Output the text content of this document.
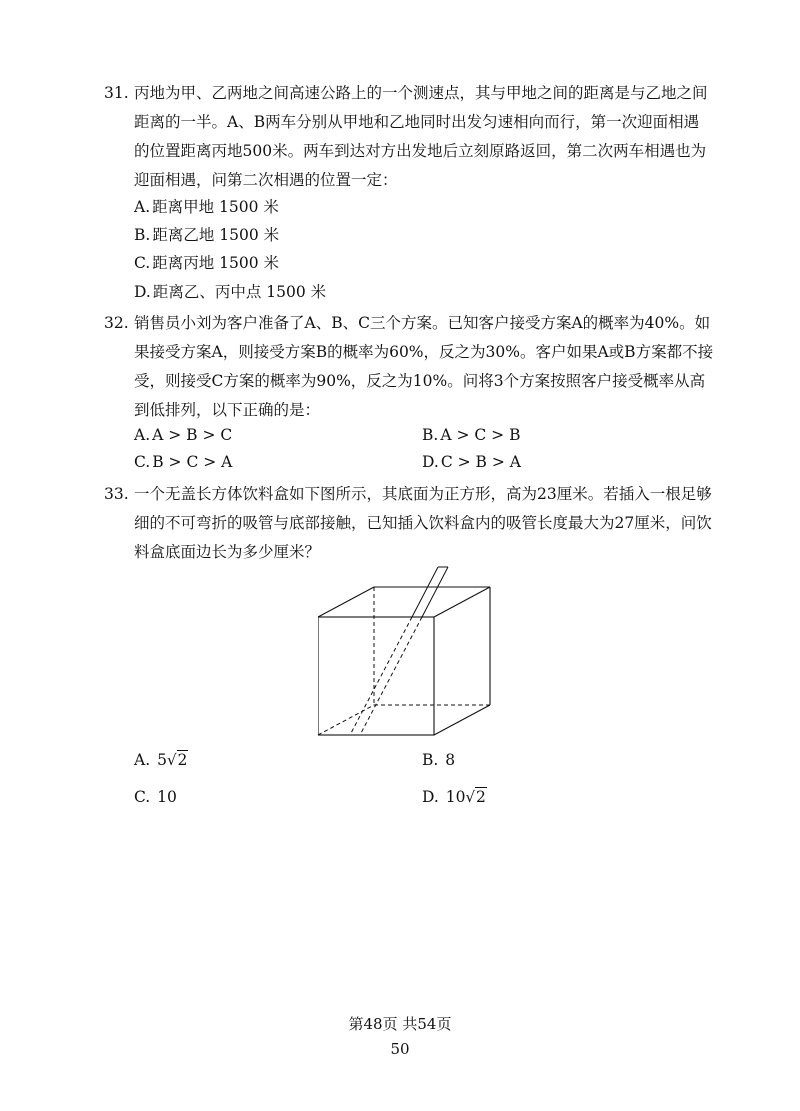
31. 丙地为甲、乙两地之间高速公路上的一个测速点，其与甲地之间的距离是与乙地之间距离的一半。A、B两车分别从甲地和乙地同时出发匀速相向而行，第一次迎面相遇的位置距离丙地500米。两车到达对方出发地后立刻原路返回，第二次两车相遇也为迎面相遇，问第二次相遇的位置一定：

A. 距离甲地 1500 米
B. 距离乙地 1500 米
C. 距离丙地 1500 米
D. 距离乙、丙中点 1500 米

32. 销售员小刘为客户准备了A、B、C三个方案。已知客户接受方案A的概率为40%。如果接受方案A，则接受方案B的概率为60%，反之为30%。客户如果A或B方案都不接受，则接受C方案的概率为90%，反之为10%。问将3个方案按照客户接受概率从高到低排列，以下正确的是：

A. A > B > C	B. A > C > B
C. B > C > A	D. C > B > A

33. 一个无盖长方体饮料盒如下图所示，其底面为正方形，高为23厘米。若插入一根足够细的不可弯折的吸管与底部接触，已知插入饮料盒内的吸管长度最大为27厘米，问饮料盒底面边长为多少厘米？

A. 5√2	B. 8
C. 10	D. 10√2
第48页 共54页
50
